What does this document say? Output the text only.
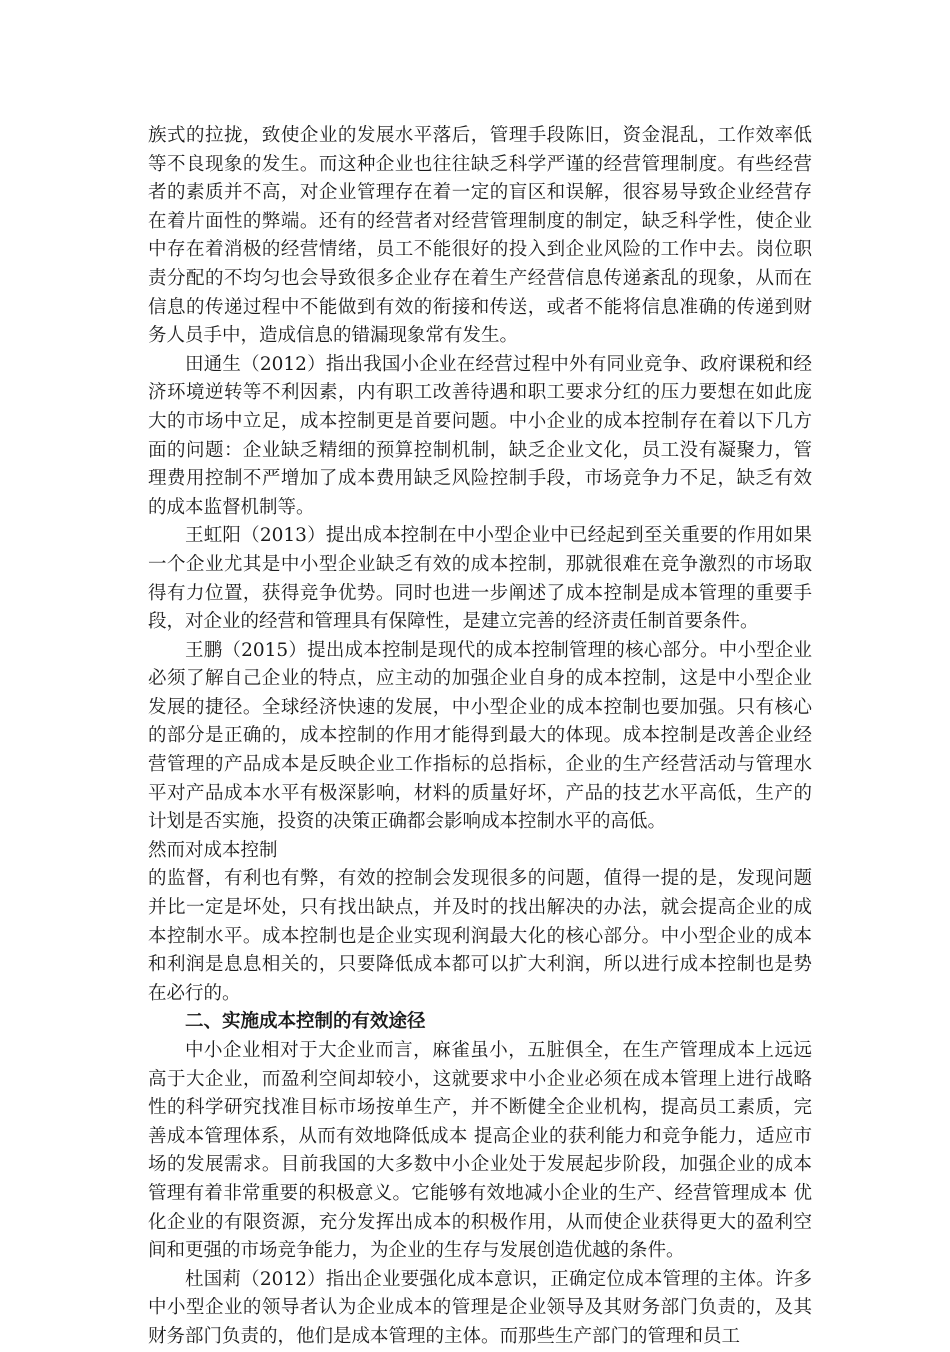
族式的拉拢，致使企业的发展水平落后，管理手段陈旧，资金混乱，工作效率低等不良现象的发生。而这种企业也往往缺乏科学严谨的经营管理制度。有些经营者的素质并不高，对企业管理存在着一定的盲区和误解，很容易导致企业经营存在着片面性的弊端。还有的经营者对经营管理制度的制定，缺乏科学性，使企业中存在着消极的经营情绪，员工不能很好的投入到企业风险的工作中去。岗位职责分配的不均匀也会导致很多企业存在着生产经营信息传递紊乱的现象，从而在信息的传递过程中不能做到有效的衔接和传送，或者不能将信息准确的传递到财务人员手中，造成信息的错漏现象常有发生。

田通生（2012）指出我国小企业在经营过程中外有同业竞争、政府课税和经济环境逆转等不利因素，内有职工改善待遇和职工要求分红的压力要想在如此庞大的市场中立足，成本控制更是首要问题。中小企业的成本控制存在着以下几方面的问题：企业缺乏精细的预算控制机制，缺乏企业文化，员工没有凝聚力，管理费用控制不严增加了成本费用缺乏风险控制手段，市场竞争力不足，缺乏有效的成本监督机制等。

王虹阳（2013）提出成本控制在中小型企业中已经起到至关重要的作用如果一个企业尤其是中小型企业缺乏有效的成本控制，那就很难在竞争激烈的市场取得有力位置，获得竞争优势。同时也进一步阐述了成本控制是成本管理的重要手段，对企业的经营和管理具有保障性，是建立完善的经济责任制首要条件。

王鹏（2015）提出成本控制是现代的成本控制管理的核心部分。中小型企业必须了解自己企业的特点，应主动的加强企业自身的成本控制，这是中小型企业发展的捷径。全球经济快速的发展，中小型企业的成本控制也要加强。只有核心的部分是正确的，成本控制的作用才能得到最大的体现。成本控制是改善企业经营管理的产品成本是反映企业工作指标的总指标，企业的生产经营活动与管理水平对产品成本水平有极深影响，材料的质量好坏，产品的技艺水平高低，生产的计划是否实施，投资的决策正确都会影响成本控制水平的高低。

然而对成本控制

的监督，有利也有弊，有效的控制会发现很多的问题，值得一提的是，发现问题并比一定是坏处，只有找出缺点，并及时的找出解决的办法，就会提高企业的成本控制水平。成本控制也是企业实现利润最大化的核心部分。中小型企业的成本和利润是息息相关的，只要降低成本都可以扩大利润，所以进行成本控制也是势在必行的。

二、实施成本控制的有效途径

中小企业相对于大企业而言，麻雀虽小，五脏俱全，在生产管理成本上远远高于大企业，而盈利空间却较小，这就要求中小企业必须在成本管理上进行战略性的科学研究找准目标市场按单生产，并不断健全企业机构，提高员工素质，完善成本管理体系，从而有效地降低成本 提高企业的获利能力和竞争能力，适应市场的发展需求。目前我国的大多数中小企业处于发展起步阶段，加强企业的成本管理有着非常重要的积极意义。它能够有效地减小企业的生产、经营管理成本 优化企业的有限资源，充分发挥出成本的积极作用，从而使企业获得更大的盈利空间和更强的市场竞争能力，为企业的生存与发展创造优越的条件。

杜国莉（2012）指出企业要强化成本意识，正确定位成本管理的主体。许多中小型企业的领导者认为企业成本的管理是企业领导及其财务部门负责的，及其财务部门负责的，他们是成本管理的主体。而那些生产部门的管理和员工
